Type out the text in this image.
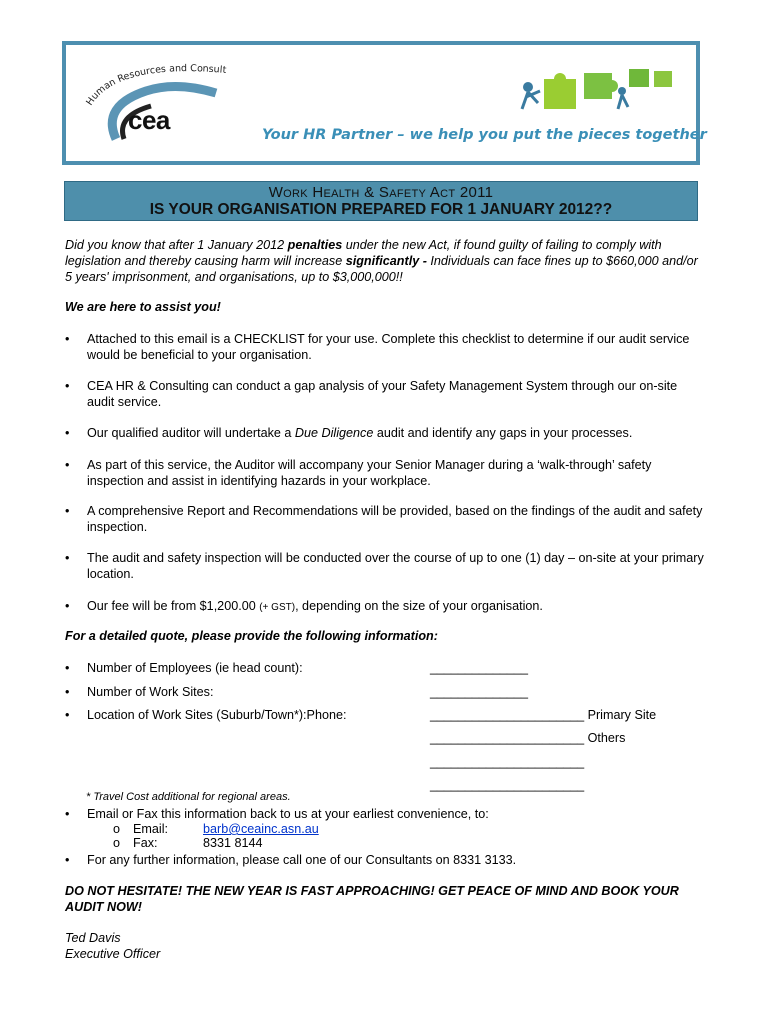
Human Resources and Consult
cea	Your HR Partner – we help you put the pieces together
Work Health & Safety Act 2011
IS YOUR ORGANISATION PREPARED FOR 1 JANUARY 2012??
Did you know that after 1 January 2012 penalties under the new Act, if found guilty of failing to comply with legislation and thereby causing harm will increase significantly - Individuals can face fines up to $660,000 and/or 5 years' imprisonment, and organisations, up to $3,000,000!!
We are here to assist you!
• Attached to this email is a CHECKLIST for your use. Complete this checklist to determine if our audit service would be beneficial to your organisation.
• CEA HR & Consulting can conduct a gap analysis of your Safety Management System through our on-site audit service.
• Our qualified auditor will undertake a Due Diligence audit and identify any gaps in your processes.
• As part of this service, the Auditor will accompany your Senior Manager during a ‘walk-through’ safety inspection and assist in identifying hazards in your workplace.
• A comprehensive Report and Recommendations will be provided, based on the findings of the audit and safety inspection.
• The audit and safety inspection will be conducted over the course of up to one (1) day – on-site at your primary location.
• Our fee will be from $1,200.00 (+ GST), depending on the size of your organisation.
For a detailed quote, please provide the following information:
• Number of Employees (ie head count):	______________
• Number of Work Sites:	______________
• Location of Work Sites (Suburb/Town*):Phone:	______________________ Primary Site
______________________ Others
______________________
______________________
* Travel Cost additional for regional areas.
• Email or Fax this information back to us at your earliest convenience, to:
o Email:	barb@ceainc.asn.au
o Fax:	8331 8144
• For any further information, please call one of our Consultants on 8331 3133.
DO NOT HESITATE! THE NEW YEAR IS FAST APPROACHING! GET PEACE OF MIND AND BOOK YOUR AUDIT NOW!
Ted Davis
Executive Officer
